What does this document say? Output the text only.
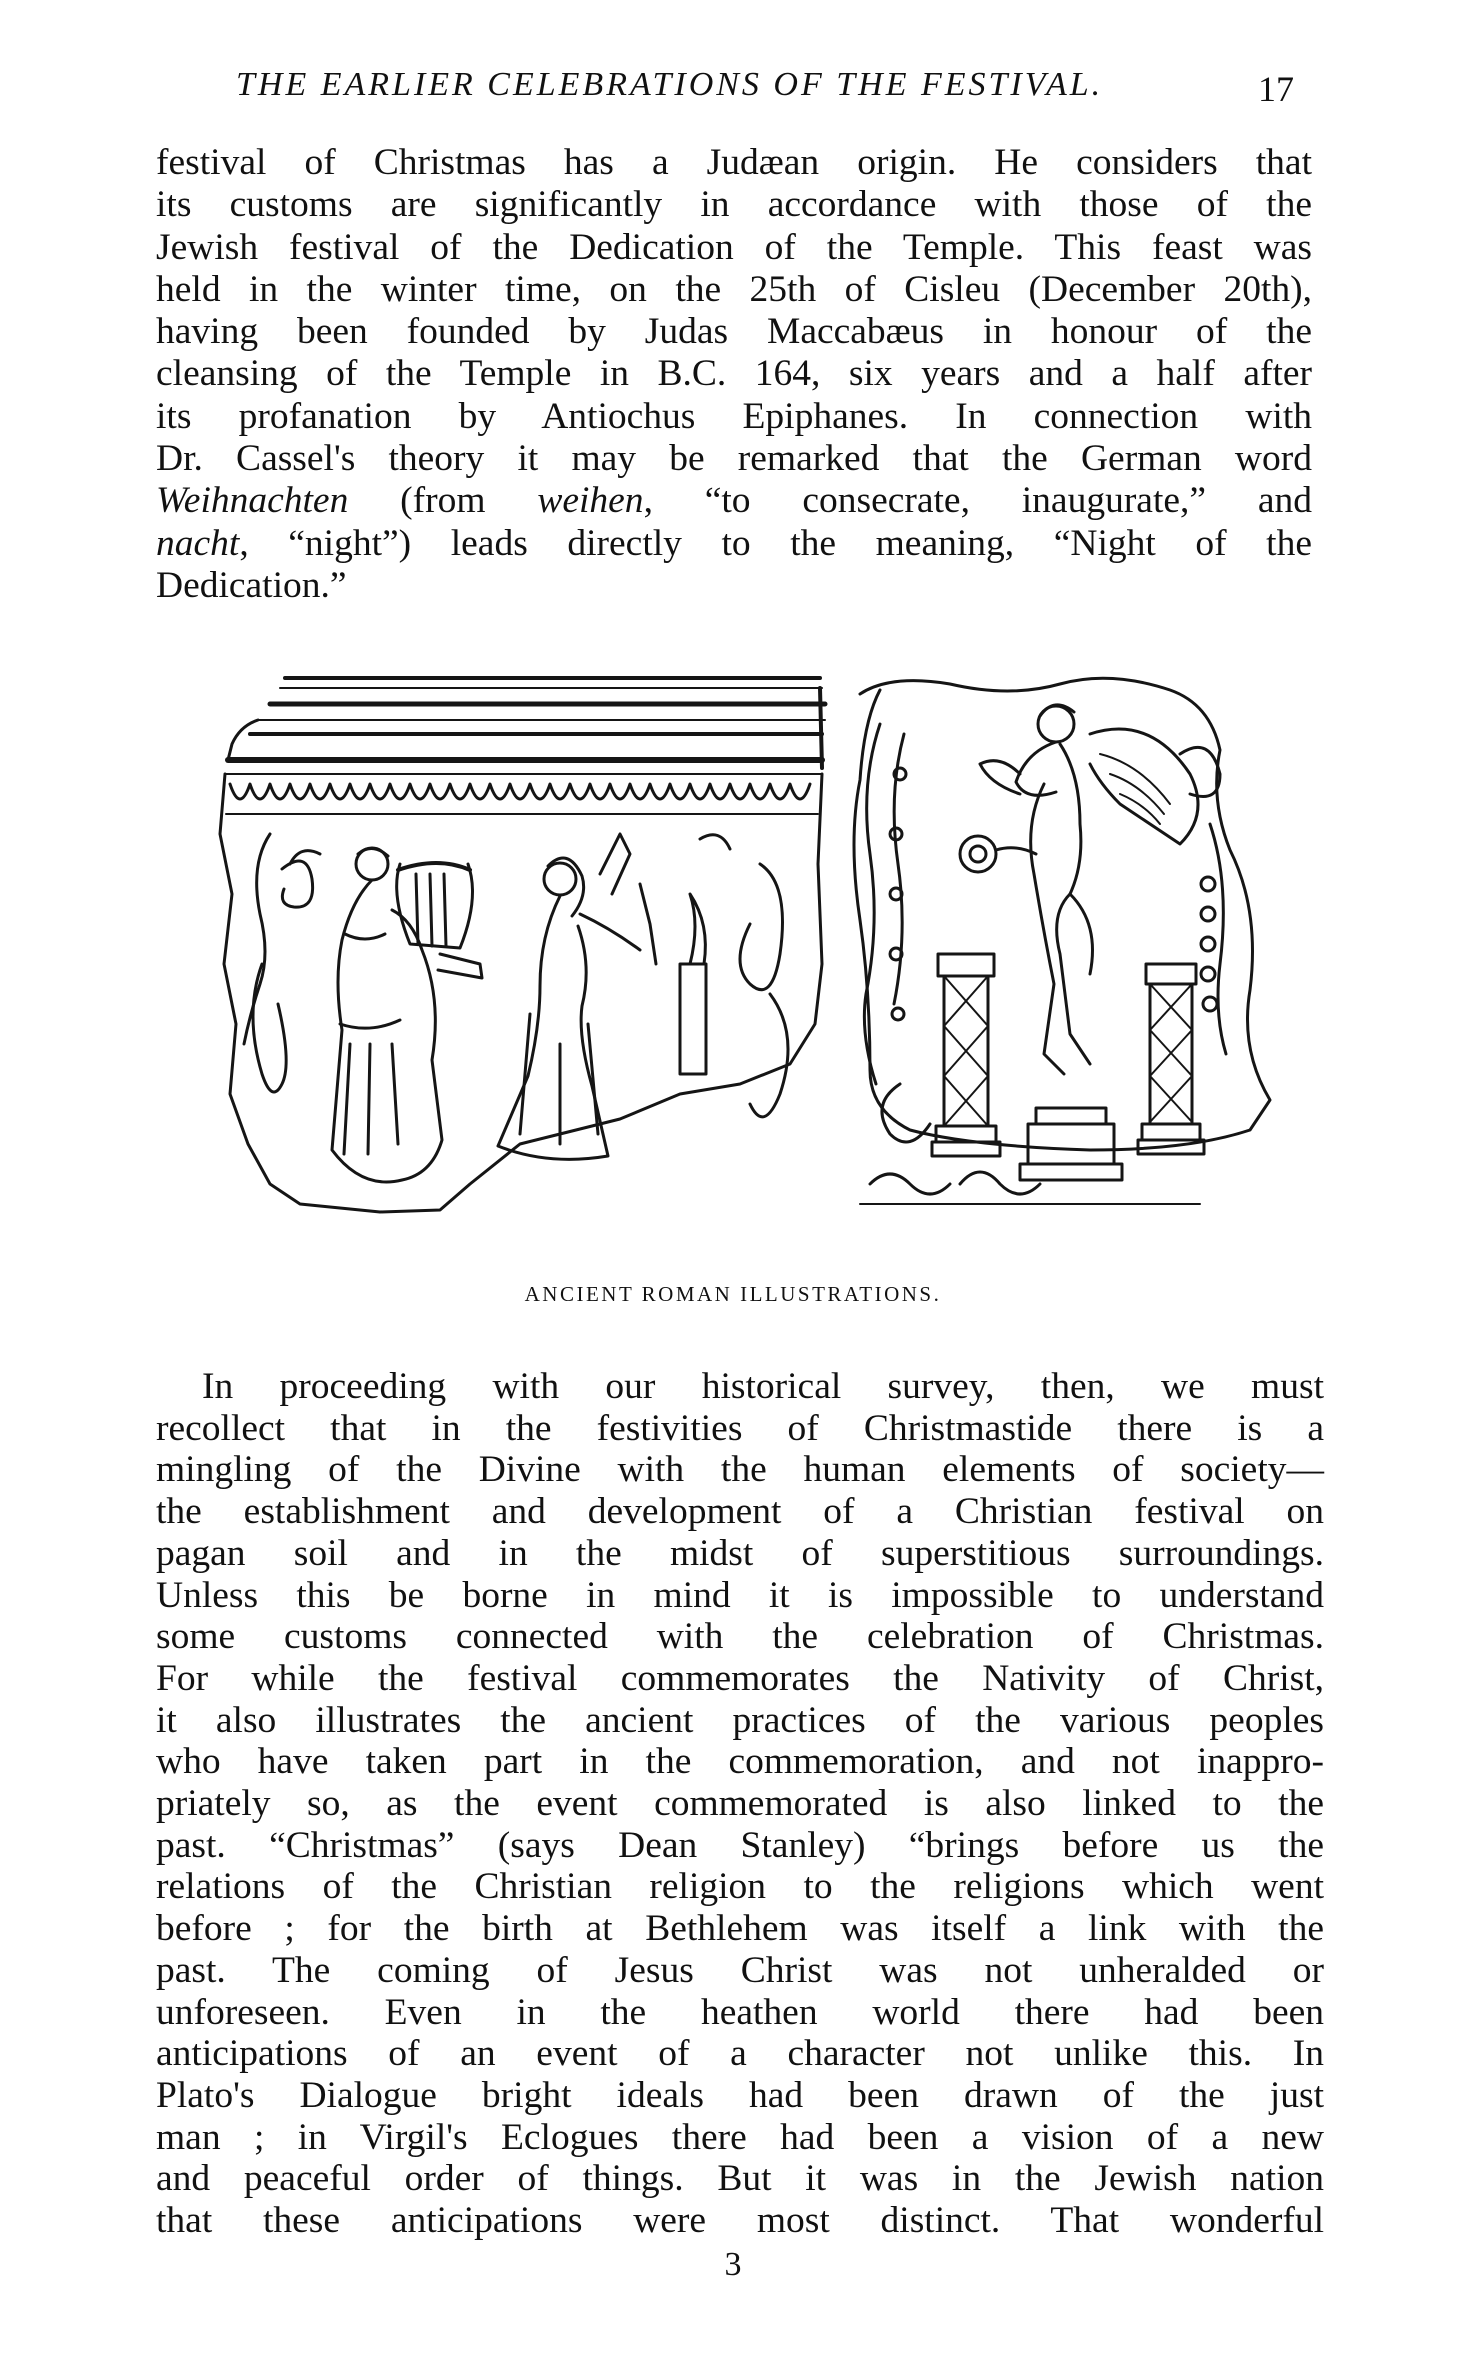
THE EARLIER CELEBRATIONS OF THE FESTIVAL.	17
festival of Christmas has a Judæan origin. He considers that
its customs are significantly in accordance with those of the
Jewish festival of the Dedication of the Temple. This feast was
held in the winter time, on the 25th of Cisleu (December 20th),
having been founded by Judas Maccabæus in honour of the
cleansing of the Temple in B.C. 164, six years and a half after
its profanation by Antiochus Epiphanes. In connection with
Dr. Cassel's theory it may be remarked that the German word
Weihnachten (from weihen, “to consecrate, inaugurate,” and
nacht, “night”) leads directly to the meaning, “Night of the
Dedication.”
ANCIENT ROMAN ILLUSTRATIONS.
In proceeding with our historical survey, then, we must
recollect that in the festivities of Christmastide there is a
mingling of the Divine with the human elements of society—
the establishment and development of a Christian festival on
pagan soil and in the midst of superstitious surroundings.
Unless this be borne in mind it is impossible to understand
some customs connected with the celebration of Christmas.
For while the festival commemorates the Nativity of Christ,
it also illustrates the ancient practices of the various peoples
who have taken part in the commemoration, and not inappro-
priately so, as the event commemorated is also linked to the
past. “Christmas” (says Dean Stanley) “brings before us the
relations of the Christian religion to the religions which went
before ; for the birth at Bethlehem was itself a link with the
past. The coming of Jesus Christ was not unheralded or
unforeseen. Even in the heathen world there had been
anticipations of an event of a character not unlike this. In
Plato's Dialogue bright ideals had been drawn of the just
man ; in Virgil's Eclogues there had been a vision of a new
and peaceful order of things. But it was in the Jewish nation
that these anticipations were most distinct. That wonderful
3
